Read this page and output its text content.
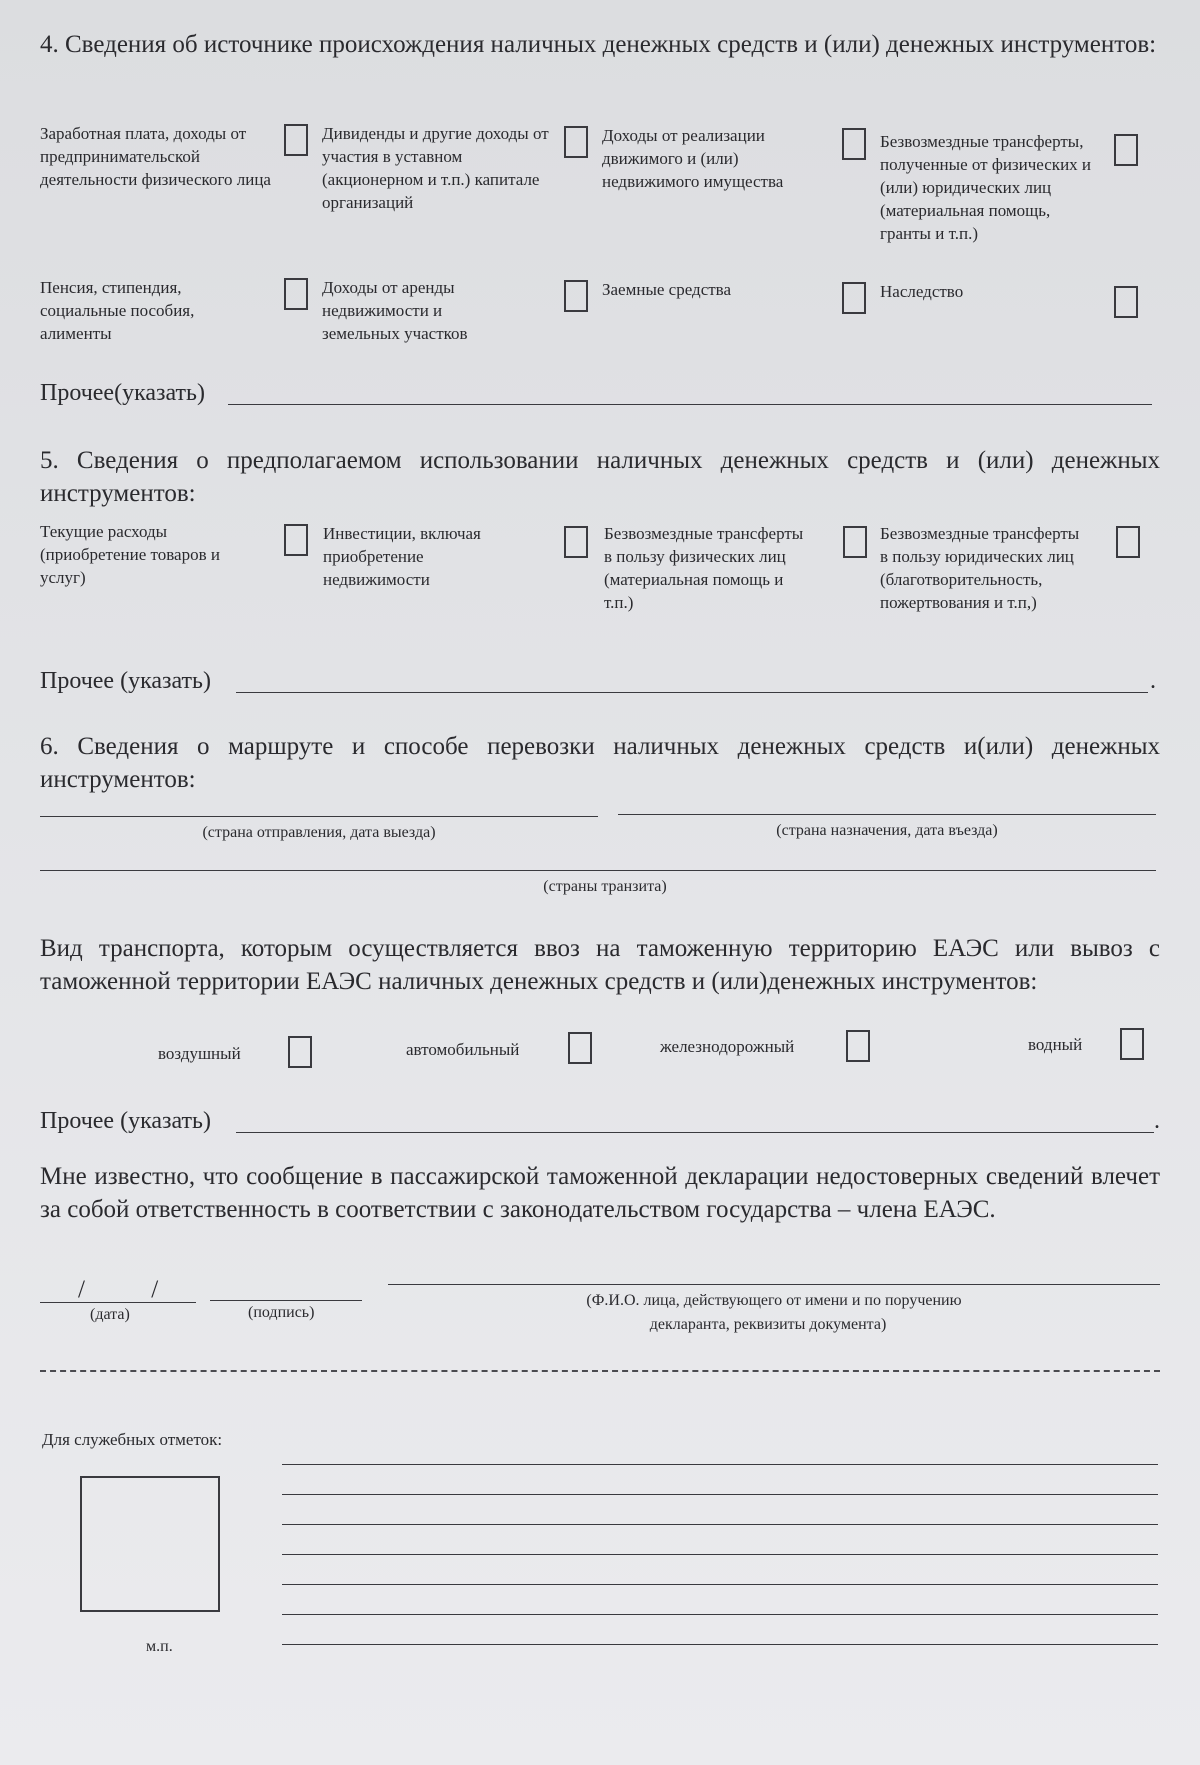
4. Сведения об источнике происхождения наличных денежных средств и (или) денежных инструментов:
Заработная плата, доходы от предпринимательской деятельности физического лица
Дивиденды и другие доходы от участия в уставном (акционерном и т.п.) капитале организаций
Доходы от реализации движимого и (или) недвижимого имущества
Безвозмездные трансферты, полученные от физических и (или) юридических лиц (материальная помощь, гранты и т.п.)
Пенсия, стипендия, социальные пособия, алименты
Доходы от аренды недвижимости и земельных участков
Заемные средства	Наследство
Прочее(указать)
5. Сведения о предполагаемом использовании наличных денежных средств и (или) денежных инструментов:
Текущие расходы (приобретение товаров и услуг)
Инвестиции, включая приобретение недвижимости
Безвозмездные трансферты в пользу физических лиц (материальная помощь и т.п.)
Безвозмездные трансферты в пользу юридических лиц (благотворительность, пожертвования и т.п,)
Прочее (указать)	.
6. Сведения о маршруте и способе перевозки наличных денежных средств и(или) денежных инструментов:
(страна отправления, дата выезда)	(страна назначения, дата въезда)
(страны транзита)
Вид транспорта, которым осуществляется ввоз на таможенную территорию ЕАЭС или вывоз с таможенной территории ЕАЭС наличных денежных средств и (или)денежных инструментов:
воздушный	автомобильный	железнодорожный	водный
Прочее (указать)	.
Мне известно, что сообщение в пассажирской таможенной декларации недостоверных сведений влечет за собой ответственность в соответствии с законодательством государства – члена ЕАЭС.
/ /
(дата)	(подпись)
(Ф.И.О. лица, действующего от имени и по поручению
декларанта, реквизиты документа)
Для служебных отметок:
м.п.
